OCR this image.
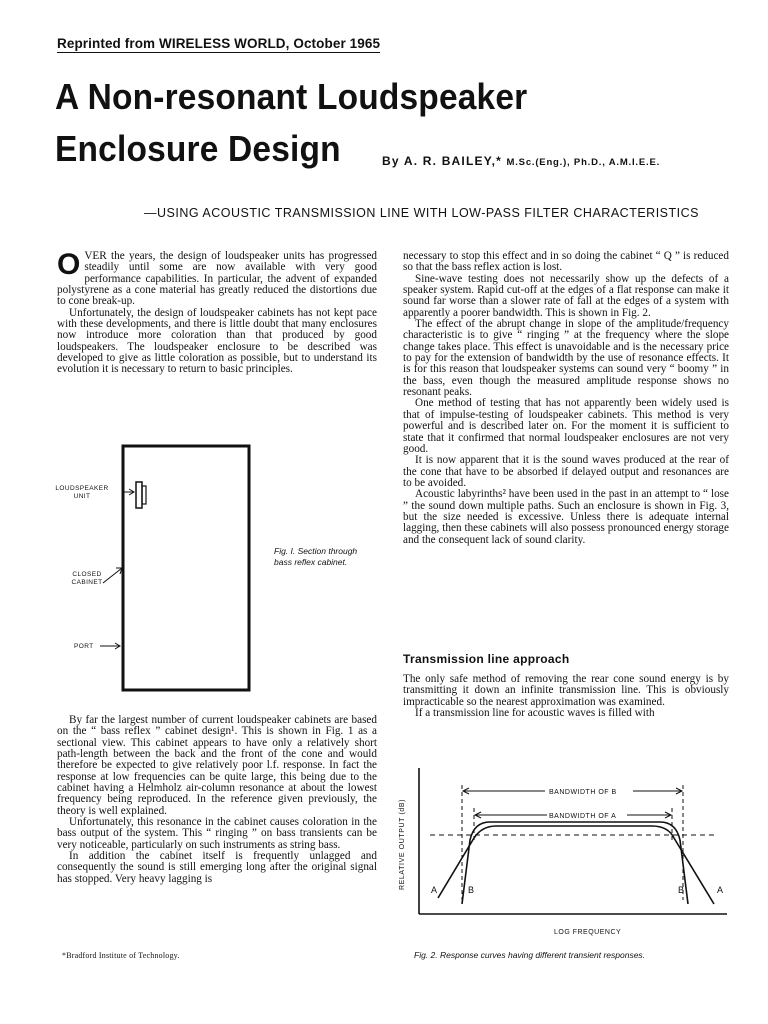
Reprinted from WIRELESS WORLD, October 1965
A Non-resonant Loudspeaker
Enclosure Design	By A. R. BAILEY,* M.Sc.(Eng.), Ph.D., A.M.I.E.E.
—USING ACOUSTIC TRANSMISSION LINE WITH LOW-PASS FILTER CHARACTERISTICS

OVER the years, the design of loudspeaker units has progressed steadily until some are now available with very good performance capabilities. In particular, the advent of expanded polystyrene as a cone material has greatly reduced the distortions due to cone break-up.

Unfortunately, the design of loudspeaker cabinets has not kept pace with these developments, and there is little doubt that many enclosures now introduce more coloration than that produced by good loudspeakers. The loudspeaker enclosure to be described was developed to give as little coloration as possible, but to understand its evolution it is necessary to return to basic principles.

LOUDSPEAKER
UNIT
CLOSED
CABINET
PORT
Fig. I. Section through
bass reflex cabinet.

By far the largest number of current loudspeaker cabinets are based on the “ bass reflex ” cabinet design¹. This is shown in Fig. 1 as a sectional view. This cabinet appears to have only a relatively short path-length between the back and the front of the cone and would therefore be expected to give relatively poor l.f. response. In fact the response at low frequencies can be quite large, this being due to the cabinet having a Helmholz air-column resonance at about the lowest frequency being reproduced. In the reference given previously, the theory is well explained.

Unfortunately, this resonance in the cabinet causes coloration in the bass output of the system. This “ ringing ” on bass transients can be very noticeable, particularly on such instruments as string bass.

In addition the cabinet itself is frequently unlagged and consequently the sound is still emerging long after the original signal has stopped. Very heavy lagging is

*Bradford Institute of Technology.

necessary to stop this effect and in so doing the cabinet “ Q ” is reduced so that the bass reflex action is lost.

Sine-wave testing does not necessarily show up the defects of a speaker system. Rapid cut-off at the edges of a flat response can make it sound far worse than a slower rate of fall at the edges of a system with apparently a poorer bandwidth. This is shown in Fig. 2.

The effect of the abrupt change in slope of the amplitude/frequency characteristic is to give “ ringing ” at the frequency where the slope change takes place. This effect is unavoidable and is the necessary price to pay for the extension of bandwidth by the use of resonance effects. It is for this reason that loudspeaker systems can sound very “ boomy ” in the bass, even though the measured amplitude response shows no resonant peaks.

One method of testing that has not apparently been widely used is that of impulse-testing of loudspeaker cabinets. This method is very powerful and is described later on. For the moment it is sufficient to state that it confirmed that normal loudspeaker enclosures are not very good.

It is now apparent that it is the sound waves produced at the rear of the cone that have to be absorbed if delayed output and resonances are to be avoided.

Acoustic labyrinths² have been used in the past in an attempt to “ lose ” the sound down multiple paths. Such an enclosure is shown in Fig. 3, but the size needed is excessive. Unless there is adequate internal lagging, then these cabinets will also possess pronounced energy storage and the consequent lack of sound clarity.

Transmission line approach

The only safe method of removing the rear cone sound energy is by transmitting it down an infinite transmission line. This is obviously impracticable so the nearest approximation was examined.

If a transmission line for acoustic waves is filled with

A	B	B	A
BANDWIDTH OF B
BANDWIDTH OF A
LOG FREQUENCY
RELATIVE OUTPUT (dB)
Fig. 2. Response curves having different transient responses.
